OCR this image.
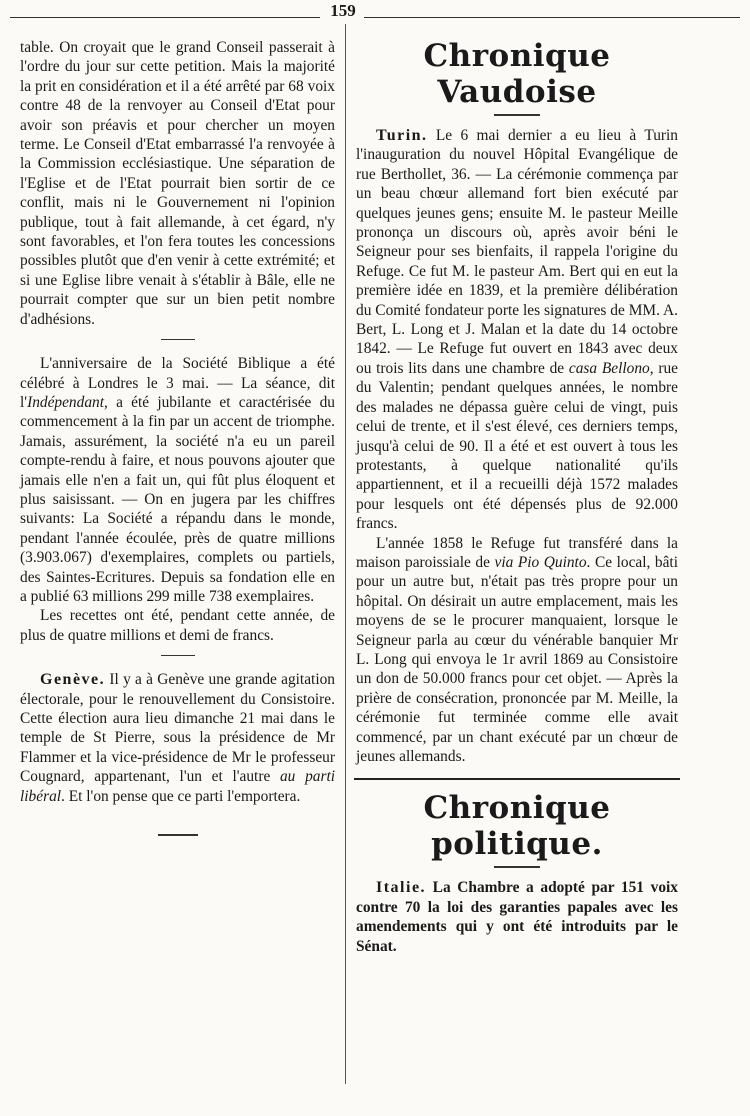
159

table. On croyait que le grand Conseil passerait à l'ordre du jour sur cette petition. Mais la majorité la prit en considération et il a été arrêté par 68 voix contre 48 de la renvoyer au Conseil d'Etat pour avoir son préavis et pour chercher un moyen terme. Le Conseil d'Etat embarrassé l'a renvoyée à la Commission ecclésiastique. Une séparation de l'Eglise et de l'Etat pourrait bien sortir de ce conflit, mais ni le Gouvernement ni l'opinion publique, tout à fait allemande, à cet égard, n'y sont favorables, et l'on fera toutes les concessions possibles plutôt que d'en venir à cette extrémité; et si une Eglise libre venait à s'établir à Bâle, elle ne pourrait compter que sur un bien petit nombre d'adhésions.

L'anniversaire de la Société Biblique a été célébré à Londres le 3 mai. — La séance, dit l'Indépendant, a été jubilante et caractérisée du commencement à la fin par un accent de triomphe. Jamais, assurément, la société n'a eu un pareil compte-rendu à faire, et nous pouvons ajouter que jamais elle n'en a fait un, qui fût plus éloquent et plus saisissant. — On en jugera par les chiffres suivants: La Société a répandu dans le monde, pendant l'année écoulée, près de quatre millions (3.903.067) d'exemplaires, complets ou partiels, des Saintes-Ecritures. Depuis sa fondation elle en a publié 63 millions 299 mille 738 exemplaires.

Les recettes ont été, pendant cette année, de plus de quatre millions et demi de francs.

Genève. Il y a à Genève une grande agitation électorale, pour le renouvellement du Consistoire. Cette élection aura lieu dimanche 21 mai dans le temple de St Pierre, sous la présidence de Mr Flammer et la vice-présidence de Mr le professeur Cougnard, appartenant, l'un et l'autre au parti libéral. Et l'on pense que ce parti l'emportera.

Chronique Vaudoise

Turin. Le 6 mai dernier a eu lieu à Turin l'inauguration du nouvel Hôpital Evangélique de rue Berthollet, 36. — La cérémonie commença par un beau chœur allemand fort bien exécuté par quelques jeunes gens; ensuite M. le pasteur Meille prononça un discours où, après avoir béni le Seigneur pour ses bienfaits, il rappela l'origine du Refuge. Ce fut M. le pasteur Am. Bert qui en eut la première idée en 1839, et la première délibération du Comité fondateur porte les signatures de MM. A. Bert, L. Long et J. Malan et la date du 14 octobre 1842. — Le Refuge fut ouvert en 1843 avec deux ou trois lits dans une chambre de casa Bellono, rue du Valentin; pendant quelques années, le nombre des malades ne dépassa guère celui de vingt, puis celui de trente, et il s'est élevé, ces derniers temps, jusqu'à celui de 90. Il a été et est ouvert à tous les protestants, à quelque nationalité qu'ils appartiennent, et il a recueilli déjà 1572 malades pour lesquels ont été dépensés plus de 92.000 francs.

L'année 1858 le Refuge fut transféré dans la maison paroissiale de via Pio Quinto. Ce local, bâti pour un autre but, n'était pas très propre pour un hôpital. On désirait un autre emplacement, mais les moyens de se le procurer manquaient, lorsque le Seigneur parla au cœur du vénérable banquier Mr L. Long qui envoya le 1r avril 1869 au Consistoire un don de 50.000 francs pour cet objet. — Après la prière de consécration, prononcée par M. Meille, la cérémonie fut terminée comme elle avait commencé, par un chant exécuté par un chœur de jeunes allemands.

Chronique politique.

Italie. La Chambre a adopté par 151 voix contre 70 la loi des garanties papales avec les amendements qui y ont été introduits par le Sénat.
